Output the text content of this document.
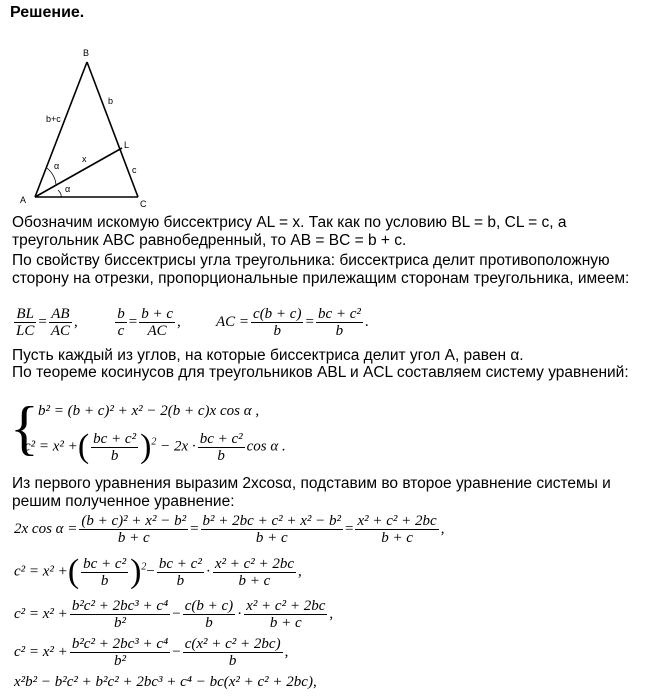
Решение.
B
A	C
L
b+c
b
c
x
α
α
Обозначим искомую биссектрису AL = x. Так как по условию BL = b, CL = c, а треугольник ABC равнобедренный, то AB = BC = b + c.
По свойству биссектрисы угла треугольника: биссектриса делит противоположную сторону на отрезки, пропорциональные прилежащим сторонам треугольника, имеем:
$\frac{BL}{LC} = \frac{AB}{AC}$ ,	$\frac{b}{c} = \frac{b + c}{AC}$ , AC = $\frac{c(b + c)}{b} = \frac{\text{bc + c²}}{b}$ .
Пусть каждый из углов, на которые биссектриса делит угол A, равен α.
По теореме косинусов для треугольников ABL и ACL составляем систему уравнений:
{ b² = (b + c)² + x² − 2(b + c)x cos α ,
c² = x² +( $\frac{\text{bc + c²}}{b} )^2 - 2x \cdot \frac{\text{bc + c²}}{b}$ cos α .
Из первого уравнения выразим 2xcosα, подставим во второе уравнение системы и решим полученное уравнение:
2x $\cos \alpha = \frac{\text{(b + c)² + x² − b²}}{b + c} = \frac{\text{b² + 2bc + c² + x² − b²}}{b + c} = \frac{\text{x² + c² + 2bc}}{b + c}$ ,
c² = x² +( $\frac{\text{bc + c²}}{b} )^2- \frac{\text{bc + c²}}{b} \cdot \frac{\text{x² + c² + 2bc}}{b + c}$ ,
$c^2 = x^2 + \frac{\text{b²c² + 2bc³ + c⁴}}{\text{b²}} - \frac{c(b + c)}{b} \cdot \frac{\text{x² + c² + 2bc}}{b + c}$ ,
$c^2 = x^2 + \frac{\text{b²c² + 2bc³ + c⁴}}{\text{b²}} - \frac{\text{c(x² + c² + 2bc)}}{b}$ ,
x²b² − b²c² + b²c² + 2bc³ + c⁴ − bc(x² + c² + 2bc),
